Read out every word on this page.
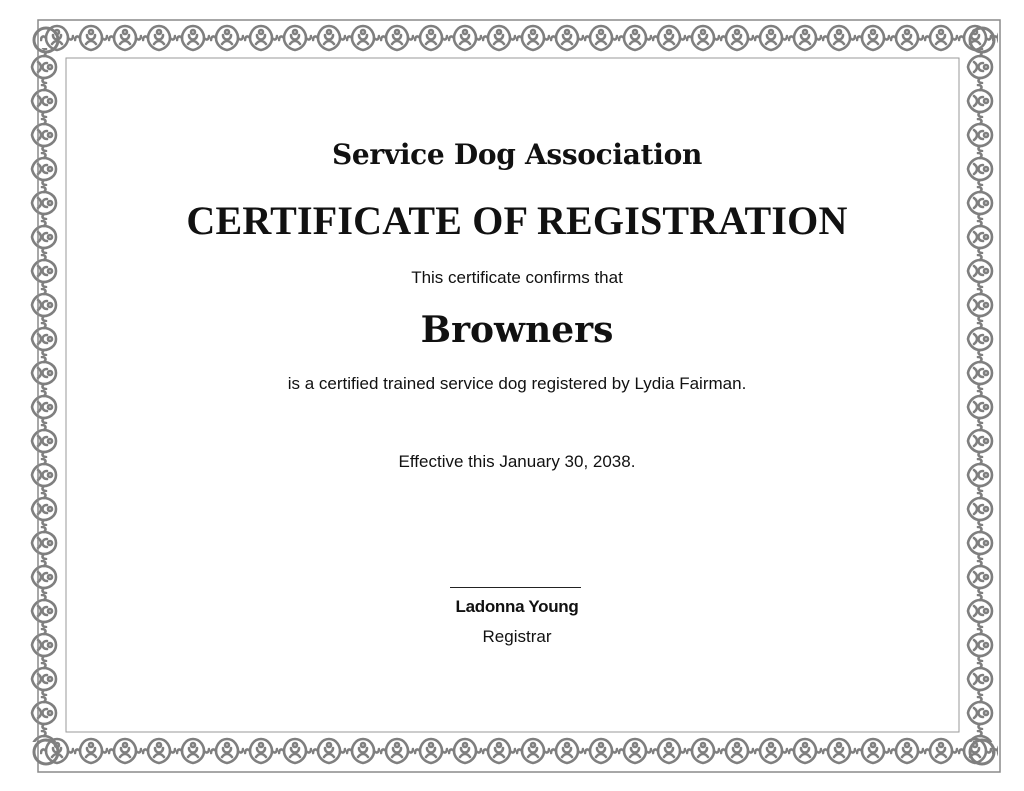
Service Dog Association
CERTIFICATE OF REGISTRATION
This certificate confirms that
Browners
is a certified trained service dog registered by Lydia Fairman.
Effective this January 30, 2038.
Ladonna Young
Registrar
